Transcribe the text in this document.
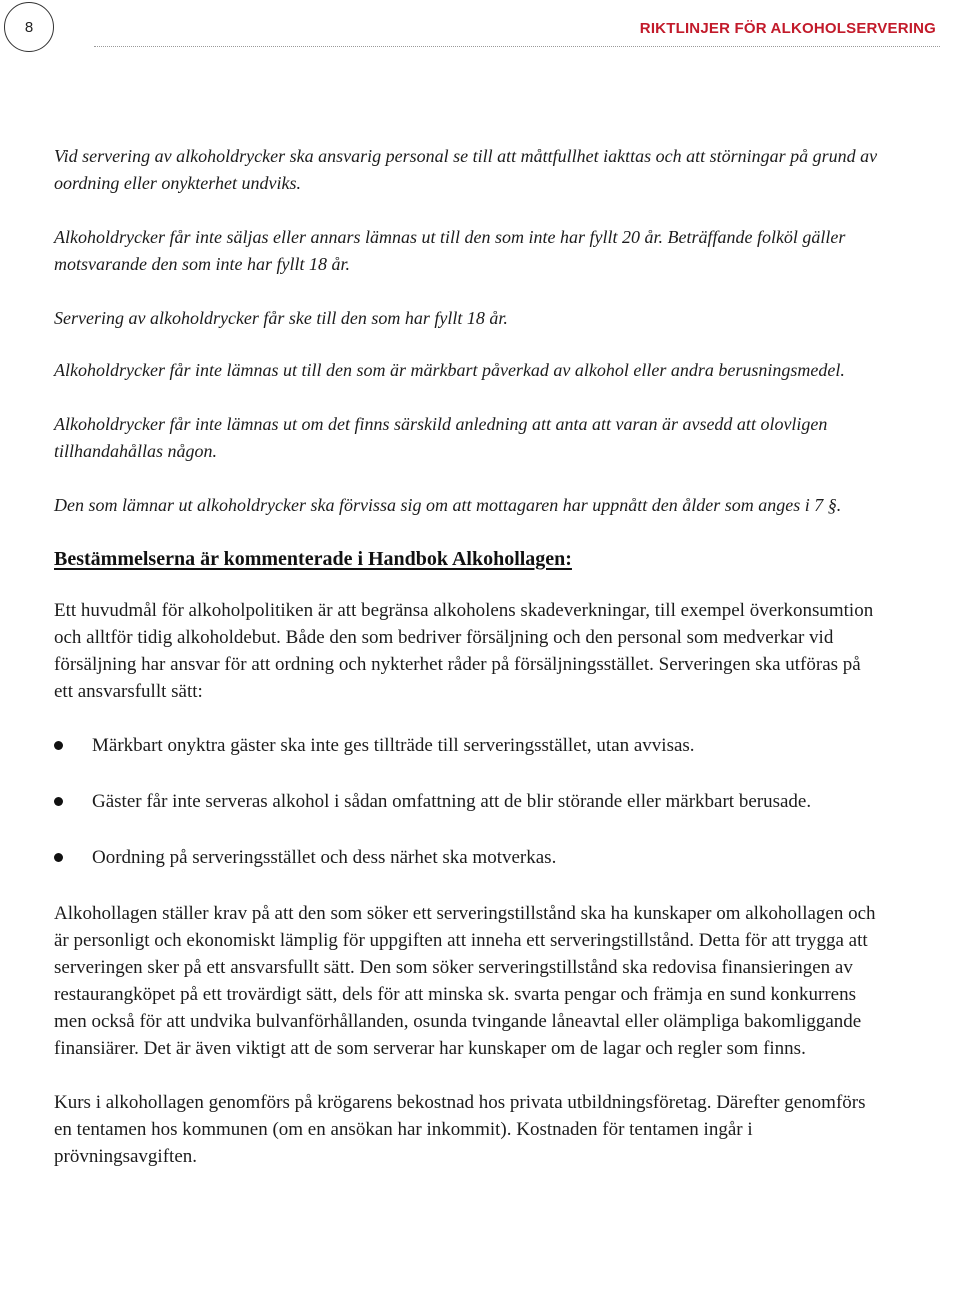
8	RIKTLINJER FÖR ALKOHOLSERVERING

Vid servering av alkoholdrycker ska ansvarig personal se till att måttfullhet iakttas och att störningar på grund av oordning eller onykterhet undviks.

Alkoholdrycker får inte säljas eller annars lämnas ut till den som inte har fyllt 20 år. Beträffande folköl gäller motsvarande den som inte har fyllt 18 år.

Servering av alkoholdrycker får ske till den som har fyllt 18 år.

Alkoholdrycker får inte lämnas ut till den som är märkbart påverkad av alkohol eller andra berusningsmedel.

Alkoholdrycker får inte lämnas ut om det finns särskild anledning att anta att varan är avsedd att olovligen tillhandahållas någon.

Den som lämnar ut alkoholdrycker ska förvissa sig om att mottagaren har uppnått den ålder som anges i 7 §.

Bestämmelserna är kommenterade i Handbok Alkohollagen:

Ett huvudmål för alkoholpolitiken är att begränsa alkoholens skadeverkningar, till exempel överkonsumtion och alltför tidig alkoholdebut. Både den som bedriver försäljning och den personal som medverkar vid försäljning har ansvar för att ordning och nykterhet råder på försäljningsstället. Serveringen ska utföras på ett ansvarsfullt sätt:

Märkbart onyktra gäster ska inte ges tillträde till serveringsstället, utan avvisas.
Gäster får inte serveras alkohol i sådan omfattning att de blir störande eller märkbart berusade.
Oordning på serveringsstället och dess närhet ska motverkas.

Alkohollagen ställer krav på att den som söker ett serveringstillstånd ska ha kunskaper om alkohollagen och är personligt och ekonomiskt lämplig för uppgiften att inneha ett serveringstillstånd. Detta för att trygga att serveringen sker på ett ansvarsfullt sätt. Den som söker serveringstillstånd ska redovisa finansieringen av restaurangköpet på ett trovärdigt sätt, dels för att minska sk. svarta pengar och främja en sund konkurrens men också för att undvika bulvanförhållanden, osunda tvingande låneavtal eller olämpliga bakomliggande finansiärer. Det är även viktigt att de som serverar har kunskaper om de lagar och regler som finns.

Kurs i alkohollagen genomförs på krögarens bekostnad hos privata utbildningsföretag. Därefter genomförs en tentamen hos kommunen (om en ansökan har inkommit). Kostnaden för tentamen ingår i prövningsavgiften.
